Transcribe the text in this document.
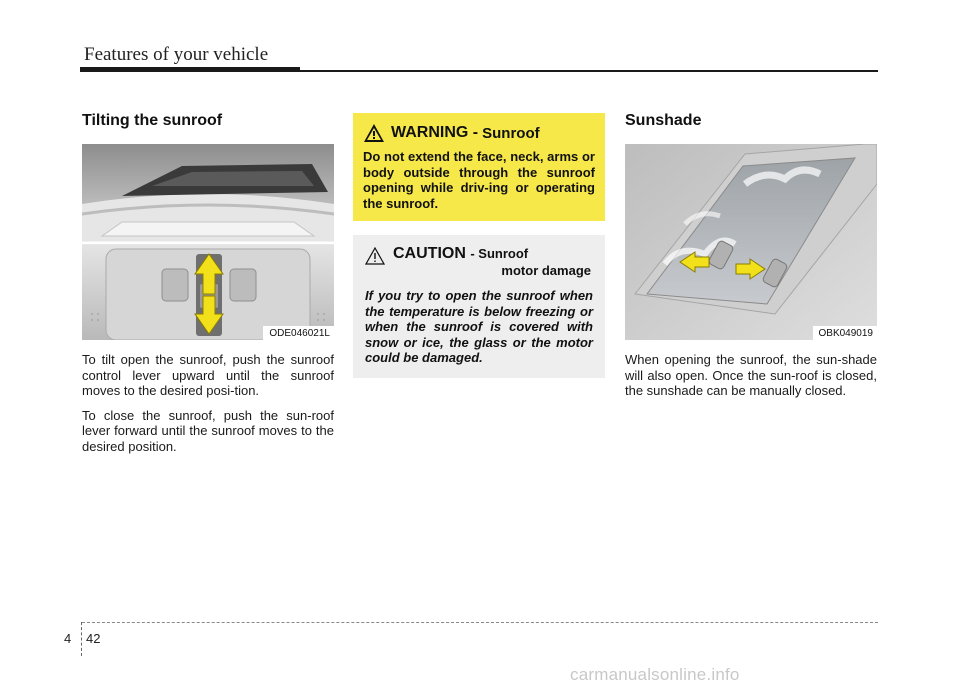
Features of your vehicle
Tilting the sunroof
ODE046021L

To tilt open the sunroof, push the sunroof control lever upward until the sunroof moves to the desired posi-tion.

To close the sunroof, push the sun-roof lever forward until the sunroof moves to the desired position.

WARNING - Sunroof
Do not extend the face, neck, arms or body outside through the sunroof opening while driv-ing or operating the sunroof.
CAUTION - Sunroof
motor damage
If you try to open the sunroof when the temperature is below freezing or when the sunroof is covered with snow or ice, the glass or the motor could be damaged.
Sunshade
OBK049019

When opening the sunroof, the sun-shade will also open. Once the sun-roof is closed, the sunshade can be manually closed.

4 42
carmanualsonline.info
